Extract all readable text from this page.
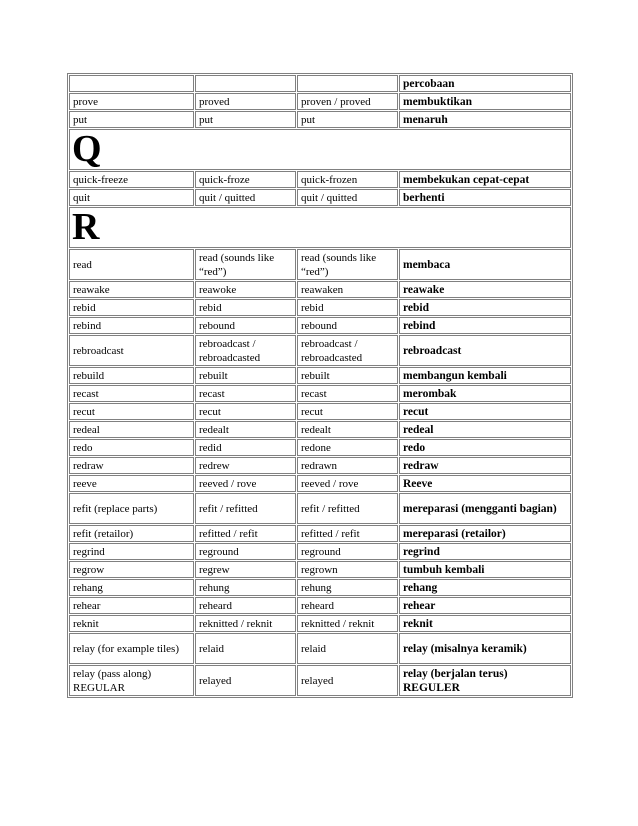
			percobaan
prove	proved	proven / proved	membuktikan
put	put	put	menaruh
Q			
quick-freeze	quick-froze	quick-frozen	membekukan cepat-cepat
quit	quit / quitted	quit / quitted	berhenti
R			
read	read (sounds like “red”)	read (sounds like “red”)	membaca
reawake	reawoke	reawaken	reawake
rebid	rebid	rebid	rebid
rebind	rebound	rebound	rebind
rebroadcast	rebroadcast / rebroadcasted	rebroadcast / rebroadcasted	rebroadcast
rebuild	rebuilt	rebuilt	membangun kembali
recast	recast	recast	merombak
recut	recut	recut	recut
redeal	redealt	redealt	redeal
redo	redid	redone	redo
redraw	redrew	redrawn	redraw
reeve	reeved / rove	reeved / rove	Reeve
refit (replace parts)	refit / refitted	refit / refitted	mereparasi (mengganti bagian)
refit (retailor)	refitted / refit	refitted / refit	mereparasi (retailor)
regrind	reground	reground	regrind
regrow	regrew	regrown	tumbuh kembali
rehang	rehung	rehung	rehang
rehear	reheard	reheard	rehear
reknit	reknitted / reknit	reknitted / reknit	reknit
relay (for example tiles)	relaid	relaid	relay (misalnya keramik)
relay (pass along) REGULAR	relayed	relayed	relay (berjalan terus) REGULER
